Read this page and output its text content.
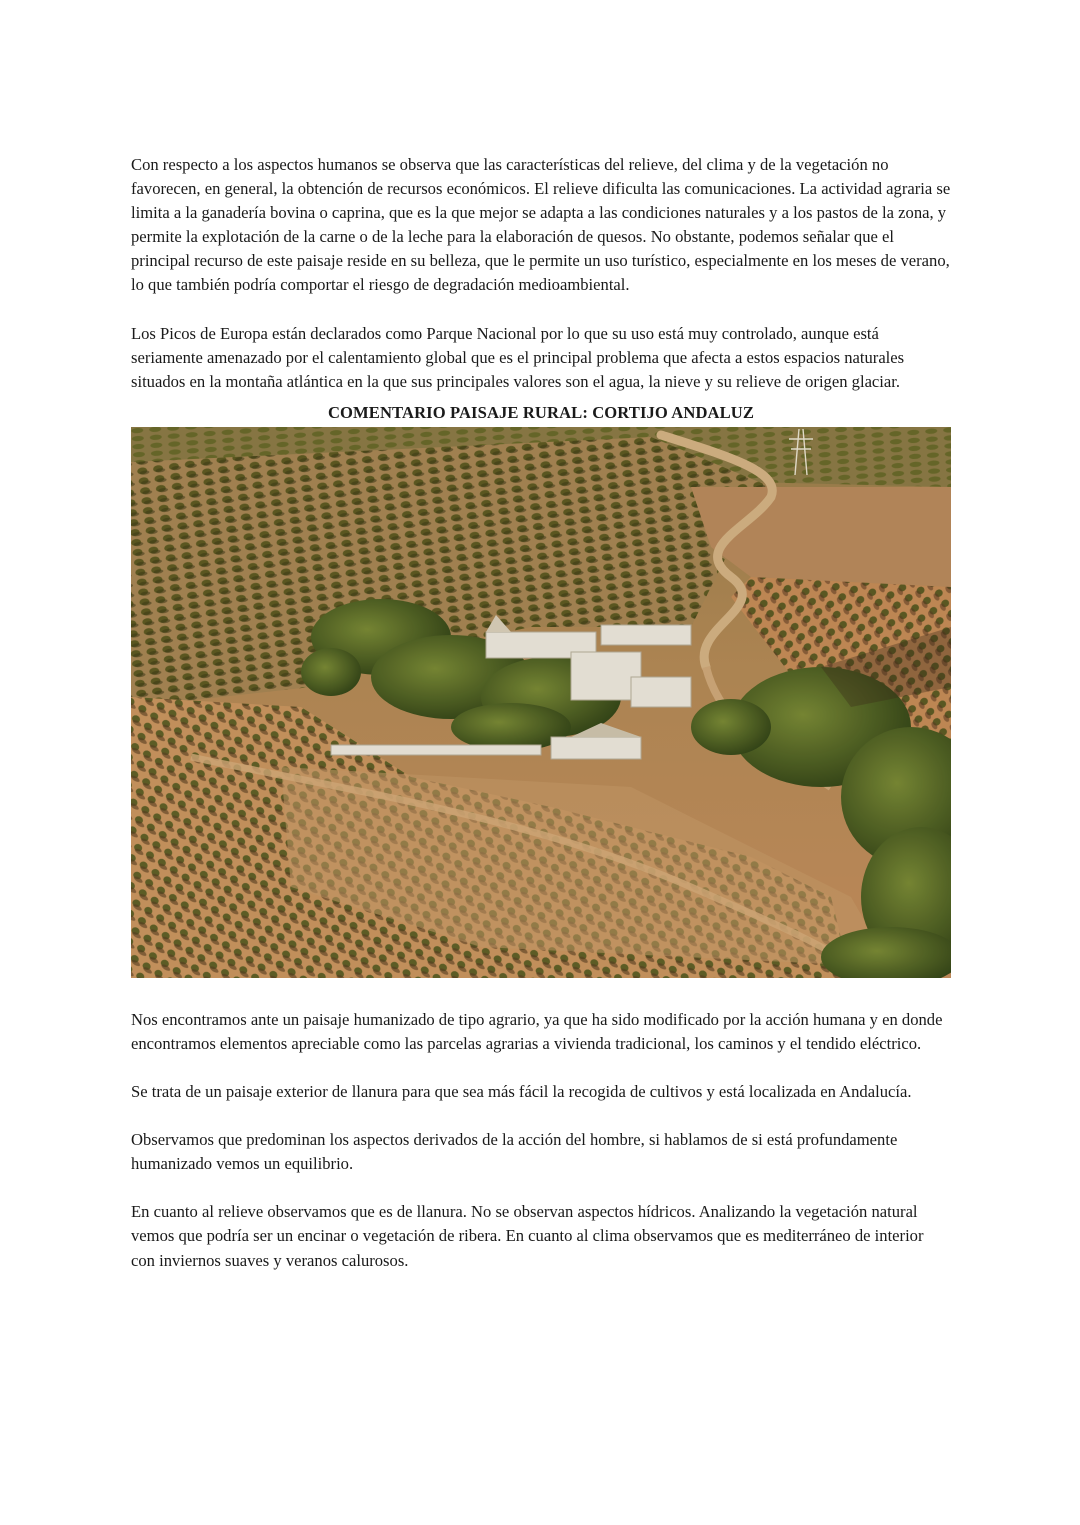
Con respecto a los aspectos humanos se observa que las características del relieve, del clima y de la vegetación no favorecen, en general, la obtención de recursos económicos. El relieve dificulta las comunicaciones. La actividad agraria se limita a la ganadería bovina o caprina, que es la que mejor se adapta a las condiciones naturales y a los pastos de la zona, y permite la explotación de la carne o de la leche para la elaboración de quesos. No obstante, podemos señalar que el principal recurso de este paisaje reside en su belleza, que le permite un uso turístico, especialmente en los meses de verano, lo que también podría comportar el riesgo de degradación medioambiental.

Los Picos de Europa están declarados como Parque Nacional por lo que su uso está muy controlado, aunque está seriamente amenazado por el calentamiento global que es el principal problema que afecta a estos espacios naturales situados en la montaña atlántica en la que sus principales valores son el agua, la nieve y su relieve de origen glaciar.

COMENTARIO PAISAJE RURAL: CORTIJO ANDALUZ

Nos encontramos ante un paisaje humanizado de tipo agrario, ya que ha sido modificado por la acción humana y en donde encontramos elementos apreciable como las parcelas agrarias a vivienda tradicional, los caminos y el tendido eléctrico.

Se trata de un paisaje exterior de llanura para que sea más fácil la recogida de cultivos y está localizada en Andalucía.

Observamos que predominan los aspectos derivados de la acción del hombre, si hablamos de si está profundamente humanizado vemos un equilibrio.

En cuanto al relieve observamos que es de llanura. No se observan aspectos hídricos. Analizando la vegetación natural vemos que podría ser un encinar o vegetación de ribera. En cuanto al clima observamos que es mediterráneo de interior con inviernos suaves y veranos calurosos.
